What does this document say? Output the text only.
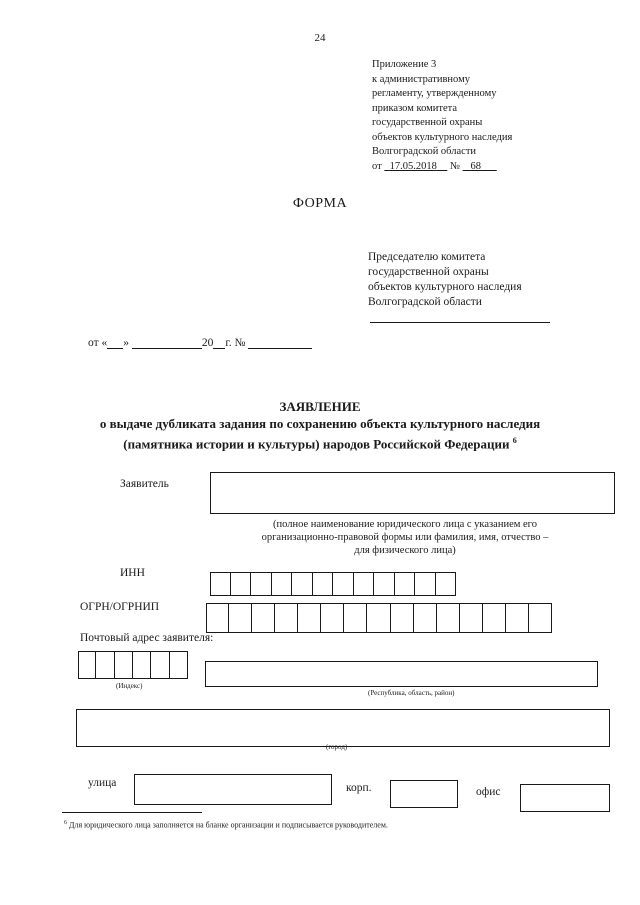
24
Приложение 3
к административному
регламенту, утвержденному
приказом комитета
государственной охраны
объектов культурного наследия
Волгоградской области
от 17.05.2018 № 68
ФОРМА
Председателю комитета
государственной охраны
объектов культурного наследия
Волгоградской области
от « »	20 г. №
ЗАЯВЛЕНИЕ
о выдаче дубликата задания по сохранению объекта культурного наследия
(памятника истории и культуры) народов Российской Федерации $^6$
Заявитель
(полное наименование юридического лица с указанием его
организационно-правовой формы или фамилия, имя, отчество –
для физического лица)
ИНН
ОГРН/ОГРНИП
Почтовый адрес заявителя:
(Индекс)
(Республика, область, район)
(город)
улица	корп.	офис
$^6$ Для юридического лица заполняется на бланке организации и подписывается руководителем.
